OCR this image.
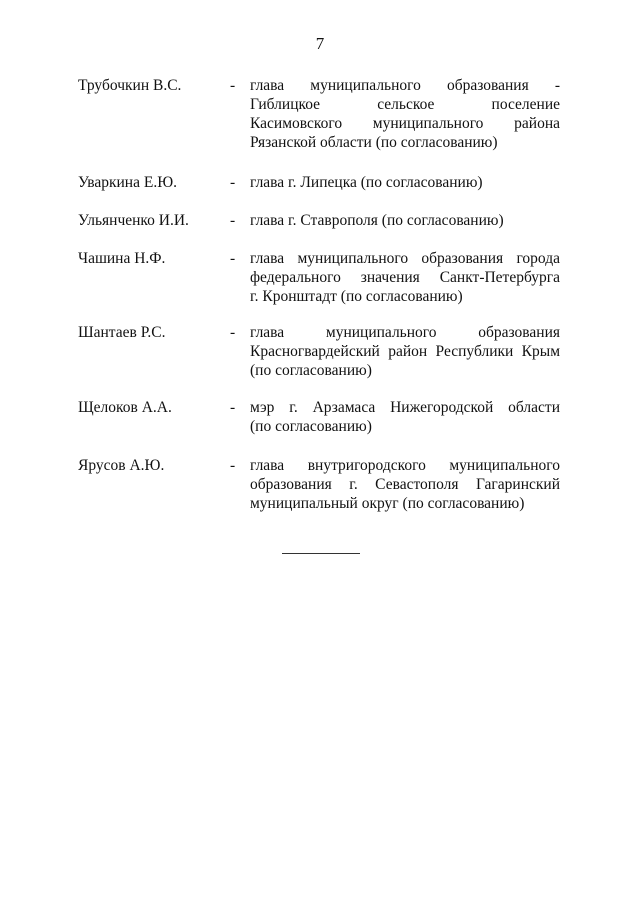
7
Трубочкин В.С.	- глава муниципального образования -
Гиблицкое сельское поселение
Касимовского муниципального района
Рязанской области (по согласованию)
Уваркина Е.Ю.	- глава г. Липецка (по согласованию)
Ульянченко И.И.	- глава г. Ставрополя (по согласованию)
Чашина Н.Ф.	- глава муниципального образования города
федерального значения Санкт-Петербурга
г. Кронштадт (по согласованию)
Шантаев Р.С.	- глава муниципального образования
Красногвардейский район Республики Крым
(по согласованию)
Щелоков А.А.	- мэр г. Арзамаса Нижегородской области
(по согласованию)
Ярусов А.Ю.	- глава внутригородского муниципального
образования г. Севастополя Гагаринский
муниципальный округ (по согласованию)
